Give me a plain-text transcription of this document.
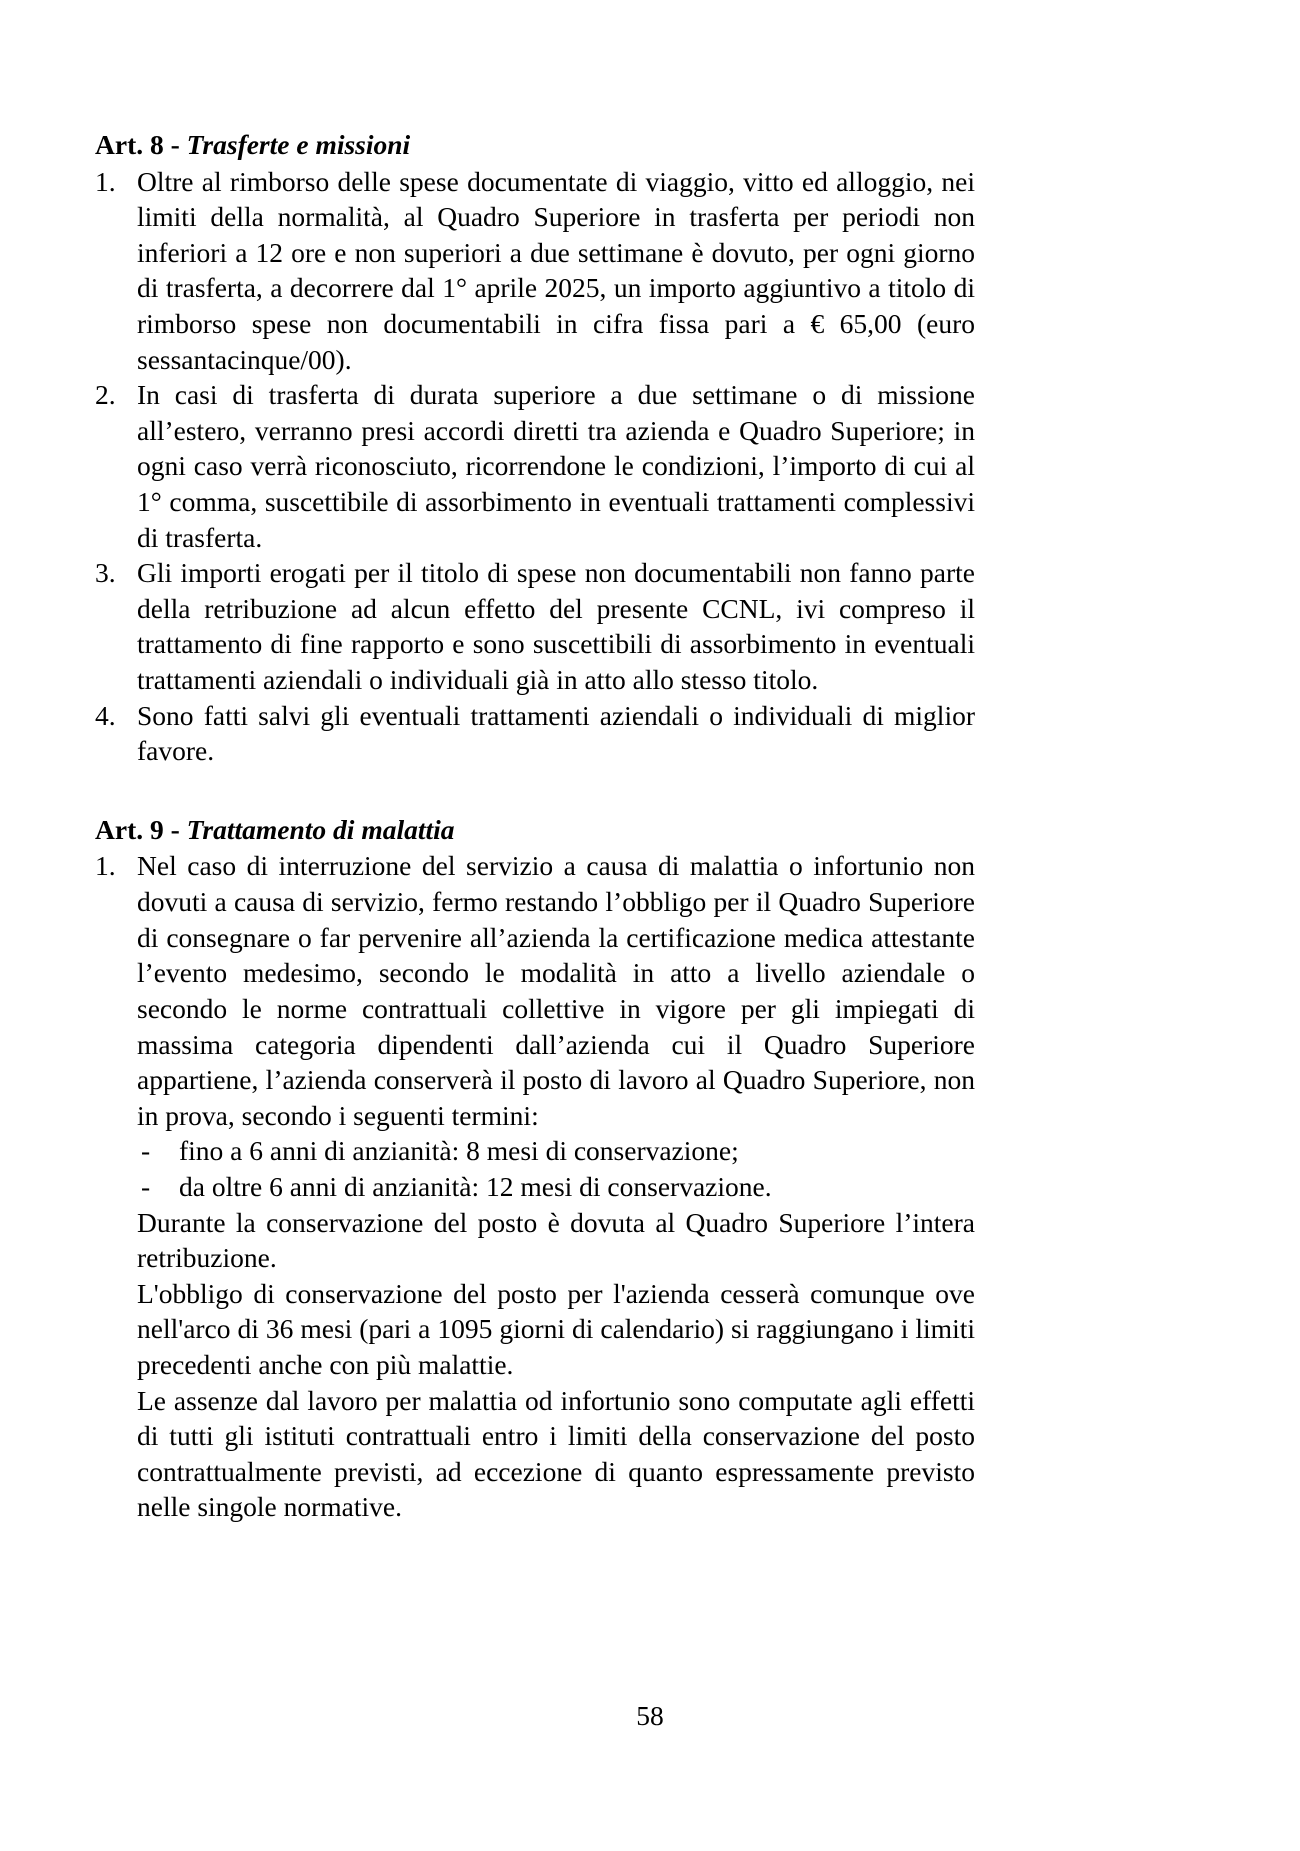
Art. 8 - Trasferte e missioni
1. Oltre al rimborso delle spese documentate di viaggio, vitto ed alloggio, nei limiti della normalità, al Quadro Superiore in trasferta per periodi non inferiori a 12 ore e non superiori a due settimane è dovuto, per ogni giorno di trasferta, a decorrere dal 1° aprile 2025, un importo aggiuntivo a titolo di rimborso spese non documentabili in cifra fissa pari a € 65,00 (euro sessantacinque/00).

2. In casi di trasferta di durata superiore a due settimane o di missione all’estero, verranno presi accordi diretti tra azienda e Quadro Superiore; in ogni caso verrà riconosciuto, ricorrendone le condizioni, l’importo di cui al 1° comma, suscettibile di assorbimento in eventuali trattamenti complessivi di trasferta.

3. Gli importi erogati per il titolo di spese non documentabili non fanno parte della retribuzione ad alcun effetto del presente CCNL, ivi compreso il trattamento di fine rapporto e sono suscettibili di assorbimento in eventuali trattamenti aziendali o individuali già in atto allo stesso titolo.

4. Sono fatti salvi gli eventuali trattamenti aziendali o individuali di miglior favore.

Art. 9 - Trattamento di malattia
1. Nel caso di interruzione del servizio a causa di malattia o infortunio non dovuti a causa di servizio, fermo restando l’obbligo per il Quadro Superiore di consegnare o far pervenire all’azienda la certificazione medica attestante l’evento medesimo, secondo le modalità in atto a livello aziendale o secondo le norme contrattuali collettive in vigore per gli impiegati di massima categoria dipendenti dall’azienda cui il Quadro Superiore appartiene, l’azienda conserverà il posto di lavoro al Quadro Superiore, non in prova, secondo i seguenti termini:

- fino a 6 anni di anzianità: 8 mesi di conservazione;
- da oltre 6 anni di anzianità: 12 mesi di conservazione.

Durante la conservazione del posto è dovuta al Quadro Superiore l’intera retribuzione.

L'obbligo di conservazione del posto per l'azienda cesserà comunque ove nell'arco di 36 mesi (pari a 1095 giorni di calendario) si raggiungano i limiti precedenti anche con più malattie.

Le assenze dal lavoro per malattia od infortunio sono computate agli effetti di tutti gli istituti contrattuali entro i limiti della conservazione del posto contrattualmente previsti, ad eccezione di quanto espressamente previsto nelle singole normative.

58
